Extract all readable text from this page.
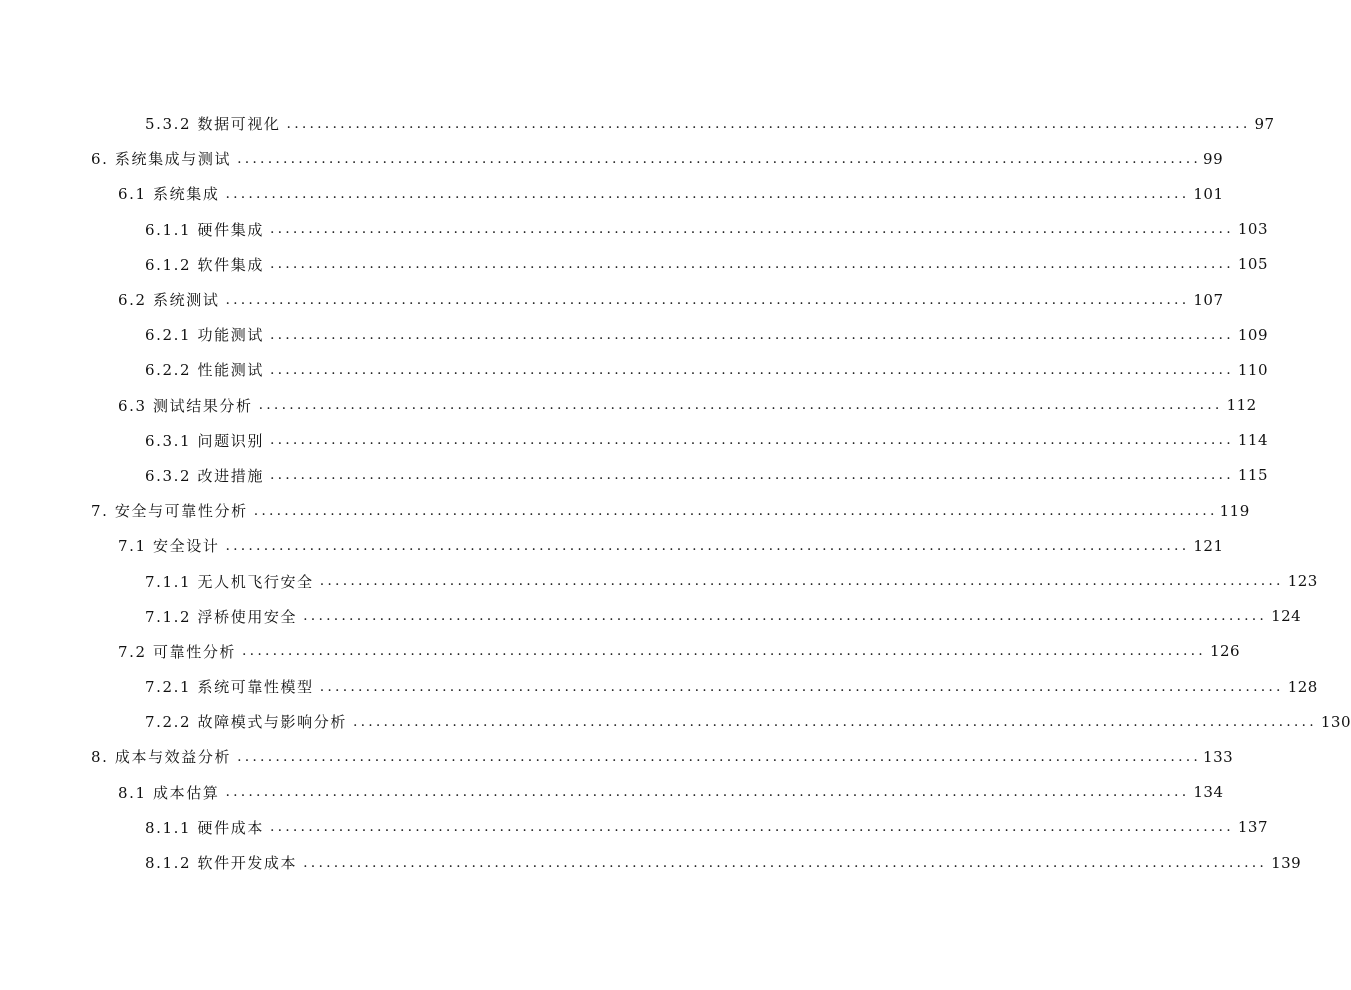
5.3.2 数据可视化 .............................................................................................................................. 97
6. 系统集成与测试 .............................................................................................................................. 99
6.1 系统集成 .............................................................................................................................. 101
6.1.1 硬件集成 .............................................................................................................................. 103
6.1.2 软件集成 .............................................................................................................................. 105
6.2 系统测试 .............................................................................................................................. 107
6.2.1 功能测试 .............................................................................................................................. 109
6.2.2 性能测试 .............................................................................................................................. 110
6.3 测试结果分析 .............................................................................................................................. 112
6.3.1 问题识别 .............................................................................................................................. 114
6.3.2 改进措施 .............................................................................................................................. 115
7. 安全与可靠性分析 .............................................................................................................................. 119
7.1 安全设计 .............................................................................................................................. 121
7.1.1 无人机飞行安全 .............................................................................................................................. 123
7.1.2 浮桥使用安全 .............................................................................................................................. 124
7.2 可靠性分析 .............................................................................................................................. 126
7.2.1 系统可靠性模型 .............................................................................................................................. 128
7.2.2 故障模式与影响分析 .............................................................................................................................. 130
8. 成本与效益分析 .............................................................................................................................. 133
8.1 成本估算 .............................................................................................................................. 134
8.1.1 硬件成本 .............................................................................................................................. 137
8.1.2 软件开发成本 .............................................................................................................................. 139
